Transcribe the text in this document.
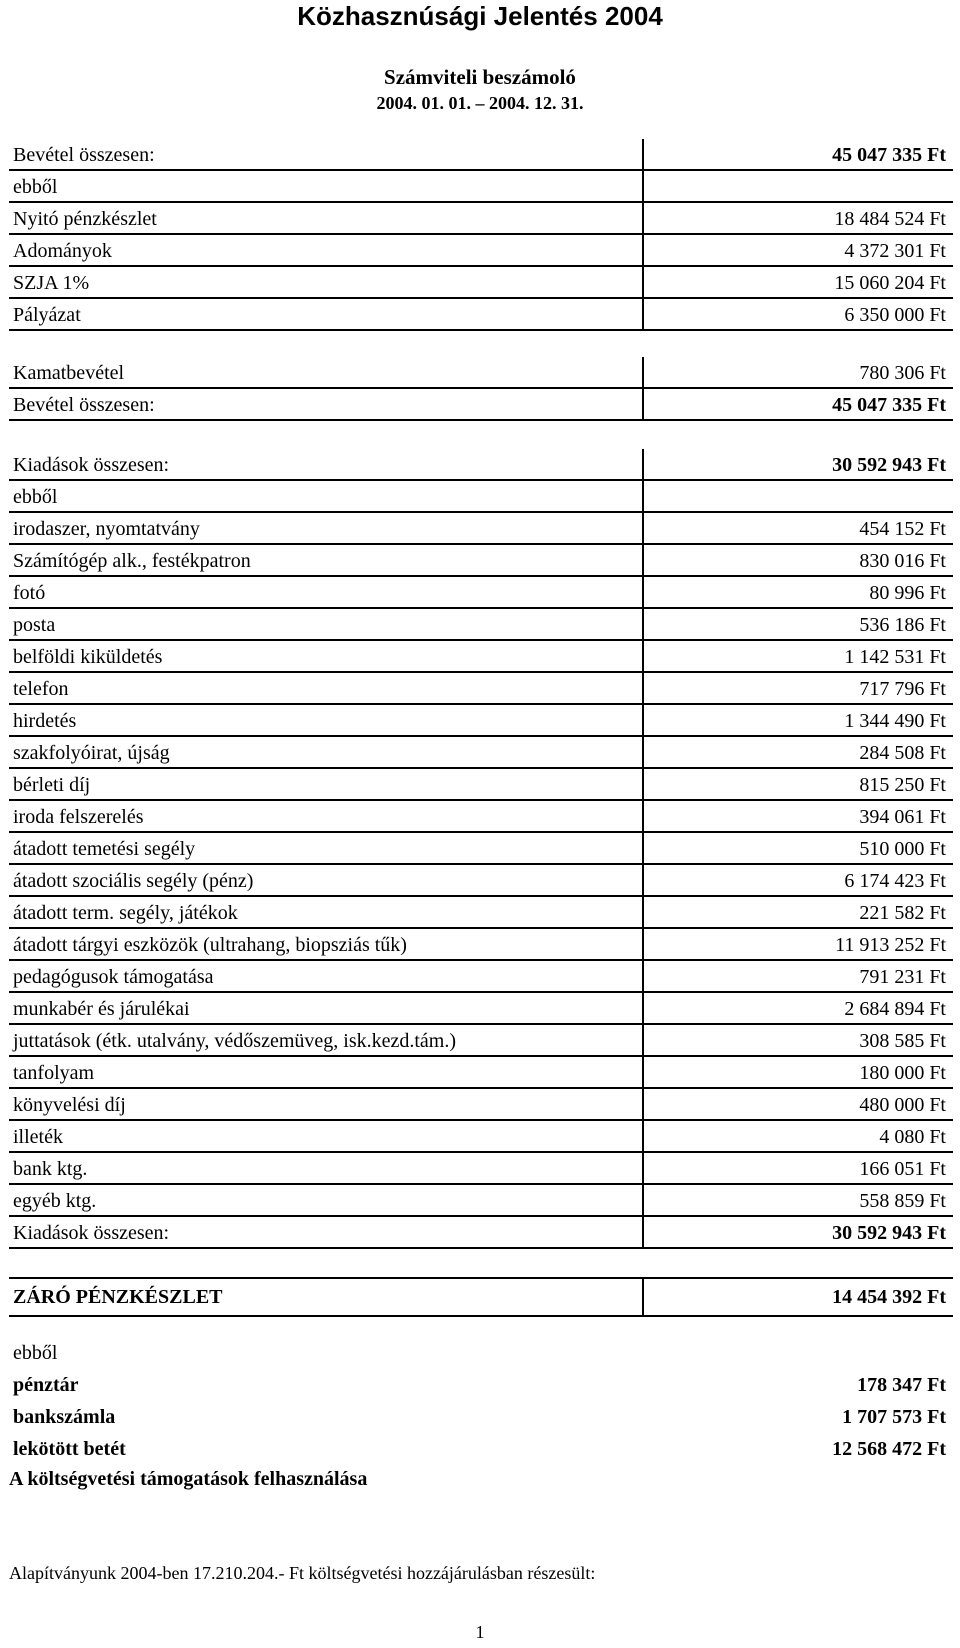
Közhasznúsági Jelentés 2004
Számviteli beszámoló
2004. 01. 01. – 2004. 12. 31.
Bevétel összesen:	45 047 335 Ft
ebből
Nyitó pénzkészlet	18 484 524 Ft
Adományok	4 372 301 Ft
SZJA 1%	15 060 204 Ft
Pályázat	6 350 000 Ft
Kamatbevétel	780 306 Ft
Bevétel összesen:	45 047 335 Ft
Kiadások összesen:	30 592 943 Ft
ebből
irodaszer, nyomtatvány	454 152 Ft
Számítógép alk., festékpatron	830 016 Ft
fotó	80 996 Ft
posta	536 186 Ft
belföldi kiküldetés	1 142 531 Ft
telefon	717 796 Ft
hirdetés	1 344 490 Ft
szakfolyóirat, újság	284 508 Ft
bérleti díj	815 250 Ft
iroda felszerelés	394 061 Ft
átadott temetési segély	510 000 Ft
átadott szociális segély (pénz)	6 174 423 Ft
átadott term. segély, játékok	221 582 Ft
átadott tárgyi eszközök (ultrahang, biopsziás tűk)	11 913 252 Ft
pedagógusok támogatása	791 231 Ft
munkabér és járulékai	2 684 894 Ft
juttatások (étk. utalvány, védőszemüveg, isk.kezd.tám.)	308 585 Ft
tanfolyam	180 000 Ft
könyvelési díj	480 000 Ft
illeték	4 080 Ft
bank ktg.	166 051 Ft
egyéb ktg.	558 859 Ft
Kiadások összesen:	30 592 943 Ft
ZÁRÓ PÉNZKÉSZLET	14 454 392 Ft
ebből
pénztár	178 347 Ft
bankszámla	1 707 573 Ft
lekötött betét	12 568 472 Ft
A költségvetési támogatások felhasználása
Alapítványunk 2004-ben 17.210.204.- Ft költségvetési hozzájárulásban részesült:
1
